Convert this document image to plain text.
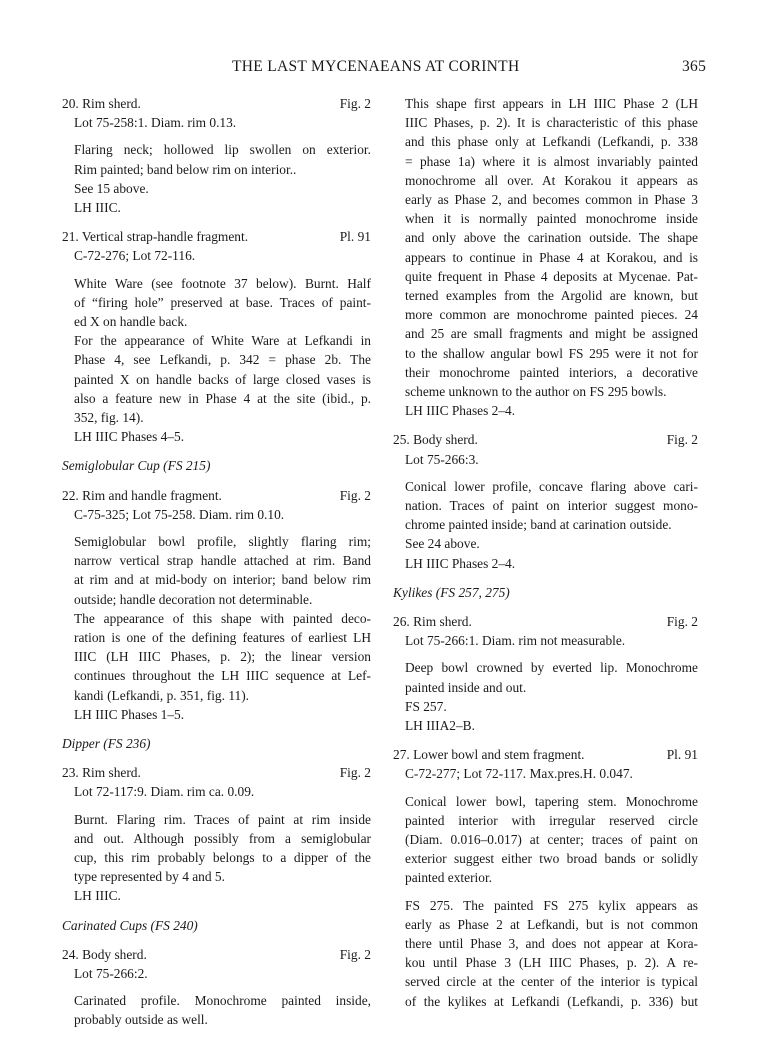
THE LAST MYCENAEANS AT CORINTH	365
20. Rim sherd.	Fig. 2

Lot 75-258:1. Diam. rim 0.13.

Flaring neck; hollowed lip swollen on exterior.
Rim painted; band below rim on interior..
See 15 above.
LH IIIC.
21. Vertical strap-handle fragment.	Pl. 91

C-72-276; Lot 72-116.

White Ware (see footnote 37 below). Burnt. Half
of “firing hole” preserved at base. Traces of paint-
ed X on handle back.
For the appearance of White Ware at Lefkandi in
Phase 4, see Lefkandi, p. 342 = phase 2b. The
painted X on handle backs of large closed vases is
also a feature new in Phase 4 at the site (ibid., p.
352, fig. 14).
LH IIIC Phases 4–5.
Semiglobular Cup (FS 215)
22. Rim and handle fragment.	Fig. 2

C-75-325; Lot 75-258. Diam. rim 0.10.

Semiglobular bowl profile, slightly flaring rim;
narrow vertical strap handle attached at rim. Band
at rim and at mid-body on interior; band below rim
outside; handle decoration not determinable.
The appearance of this shape with painted deco-
ration is one of the defining features of earliest LH
IIIC (LH IIIC Phases, p. 2); the linear version
continues throughout the LH IIIC sequence at Lef-
kandi (Lefkandi, p. 351, fig. 11).
LH IIIC Phases 1–5.
Dipper (FS 236)
23. Rim sherd.	Fig. 2

Lot 72-117:9. Diam. rim ca. 0.09.

Burnt. Flaring rim. Traces of paint at rim inside
and out. Although possibly from a semiglobular
cup, this rim probably belongs to a dipper of the
type represented by 4 and 5.
LH IIIC.
Carinated Cups (FS 240)
24. Body sherd.	Fig. 2

Lot 75-266:2.

Carinated profile. Monochrome painted inside,
probably outside as well.
This shape first appears in LH IIIC Phase 2 (LH
IIIC Phases, p. 2). It is characteristic of this phase
and this phase only at Lefkandi (Lefkandi, p. 338
= phase 1a) where it is almost invariably painted
monochrome all over. At Korakou it appears as
early as Phase 2, and becomes common in Phase 3
when it is normally painted monochrome inside
and only above the carination outside. The shape
appears to continue in Phase 4 at Korakou, and is
quite frequent in Phase 4 deposits at Mycenae. Pat-
terned examples from the Argolid are known, but
more common are monochrome painted pieces. 24
and 25 are small fragments and might be assigned
to the shallow angular bowl FS 295 were it not for
their monochrome painted interiors, a decorative
scheme unknown to the author on FS 295 bowls.
LH IIIC Phases 2–4.
25. Body sherd.	Fig. 2

Lot 75-266:3.

Conical lower profile, concave flaring above cari-
nation. Traces of paint on interior suggest mono-
chrome painted inside; band at carination outside.
See 24 above.
LH IIIC Phases 2–4.
Kylikes (FS 257, 275)
26. Rim sherd.	Fig. 2

Lot 75-266:1. Diam. rim not measurable.

Deep bowl crowned by everted lip. Monochrome
painted inside and out.
FS 257.
LH IIIA2–B.
27. Lower bowl and stem fragment.	Pl. 91

C-72-277; Lot 72-117. Max.pres.H. 0.047.

Conical lower bowl, tapering stem. Monochrome
painted interior with irregular reserved circle
(Diam. 0.016–0.017) at center; traces of paint on
exterior suggest either two broad bands or solidly
painted exterior.
FS 275. The painted FS 275 kylix appears as
early as Phase 2 at Lefkandi, but is not common
there until Phase 3, and does not appear at Kora-
kou until Phase 3 (LH IIIC Phases, p. 2). A re-
served circle at the center of the interior is typical
of the kylikes at Lefkandi (Lefkandi, p. 336) but
